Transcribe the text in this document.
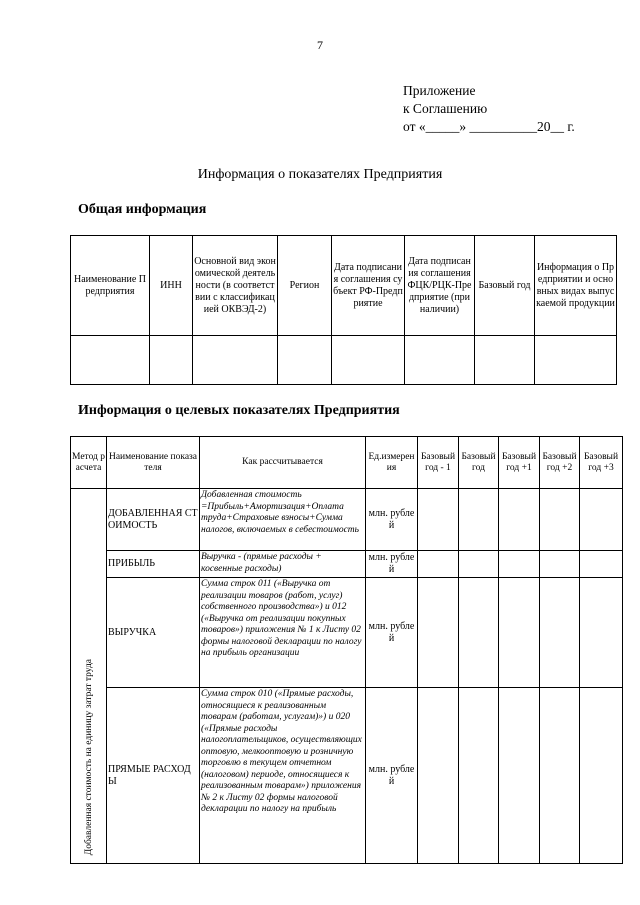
7
Приложение
к Соглашению
от «_____» __________20__ г.
Информация о показателях Предприятия
Общая информация
Наименование Предприятия	ИНН	Основной вид экономической деятельности (в соответствии с классификацией ОКВЭД-2)	Регион	Дата подписания соглашения субъект РФ-Предприятие	Дата подписания соглашения ФЦК/РЦК-Предприятие (при наличии)	Базовый год	Информация о Предприятии и основных видах выпускаемой продукции

Информация о целевых показателях Предприятия
Метод расчета	Наименование показателя	Как рассчитывается	Ед.измерения	Базовый год - 1	Базовый год	Базовый год +1	Базовый год +2	Базовый год +3
Добавленная стоимость на единицу затрат труда	ДОБАВЛЕННАЯ СТОИМОСТЬ	Добавленная стоимость =Прибыль+Амортизация+Оплата труда+Страховые взносы+Сумма налогов, включаемых в себестоимость	млн. рублей					
	ПРИБЫЛЬ	Выручка - (прямые расходы + косвенные расходы)	млн. рублей					
	ВЫРУЧКА	Сумма строк 011 («Выручка от реализации товаров (работ, услуг) собственного производства») и 012 («Выручка от реализации покупных товаров») приложения № 1 к Листу 02 формы налоговой декларации по налогу на прибыль организации	млн. рублей					
	ПРЯМЫЕ РАСХОДЫ	Сумма строк 010 («Прямые расходы, относящиеся к реализованным товарам (работам, услугам)») и 020 («Прямые расходы налогоплательщиков, осуществляющих оптовую, мелкооптовую и розничную торговлю в текущем отчетном (налоговом) периоде, относящиеся к реализованным товарам») приложения № 2 к Листу 02 формы налоговой декларации по налогу на прибыль	млн. рублей					
